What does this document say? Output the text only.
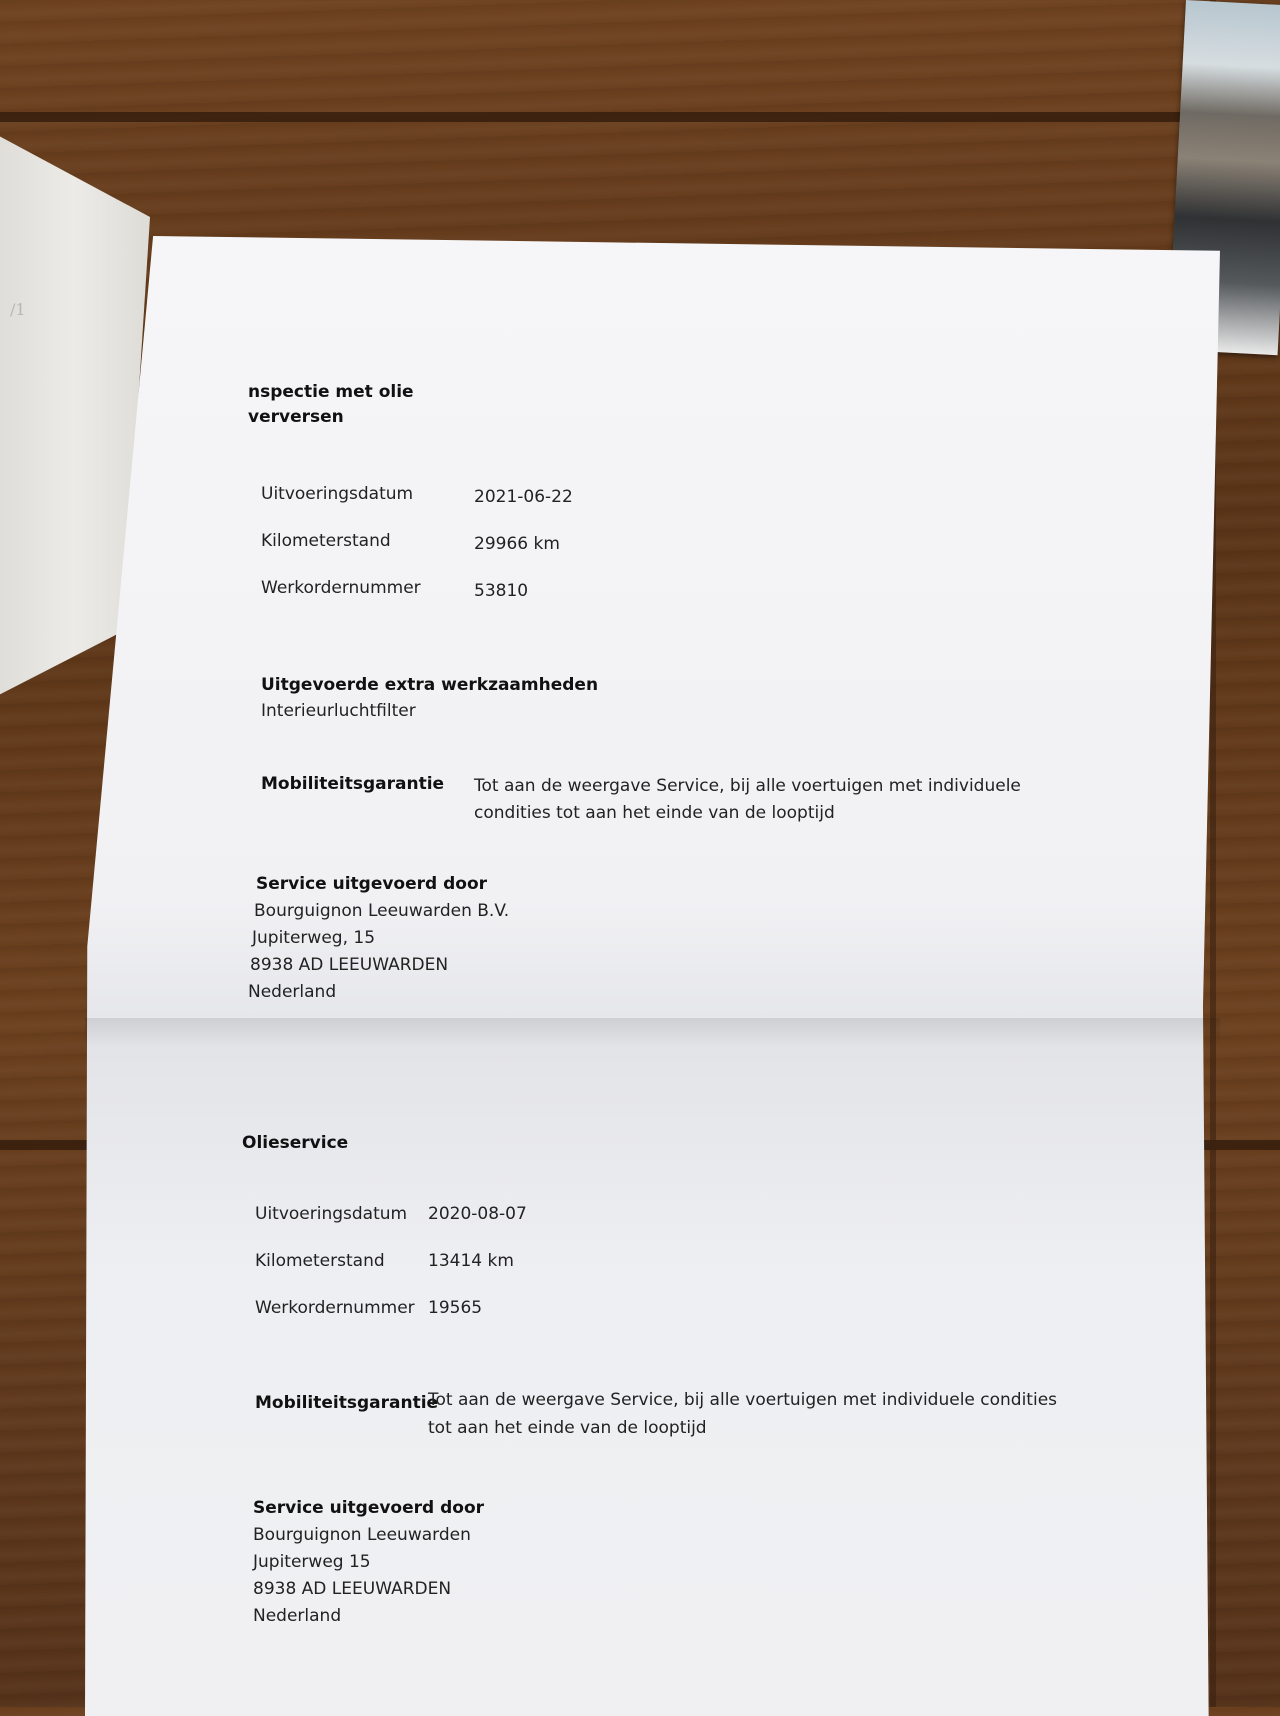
/1
nspectie met olie
verversen
Uitvoeringsdatum	2021-06-22
Kilometerstand	29966 km
Werkordernummer	53810
Uitgevoerde extra werkzaamheden
Interieurluchtfilter
Mobiliteitsgarantie Tot aan de weergave Service, bij alle voertuigen met individuele
condities tot aan het einde van de looptijd
Service uitgevoerd door
Bourguignon Leeuwarden B.V.
Jupiterweg, 15
8938 AD LEEUWARDEN
Nederland
Olieservice
Uitvoeringsdatum 2020-08-07
Kilometerstand	13414 km
Werkordernummer 19565
Mobiliteitsgarantie
Tot aan de weergave Service, bij alle voertuigen met individuele condities
tot aan het einde van de looptijd
Service uitgevoerd door
Bourguignon Leeuwarden
Jupiterweg 15
8938 AD LEEUWARDEN
Nederland
